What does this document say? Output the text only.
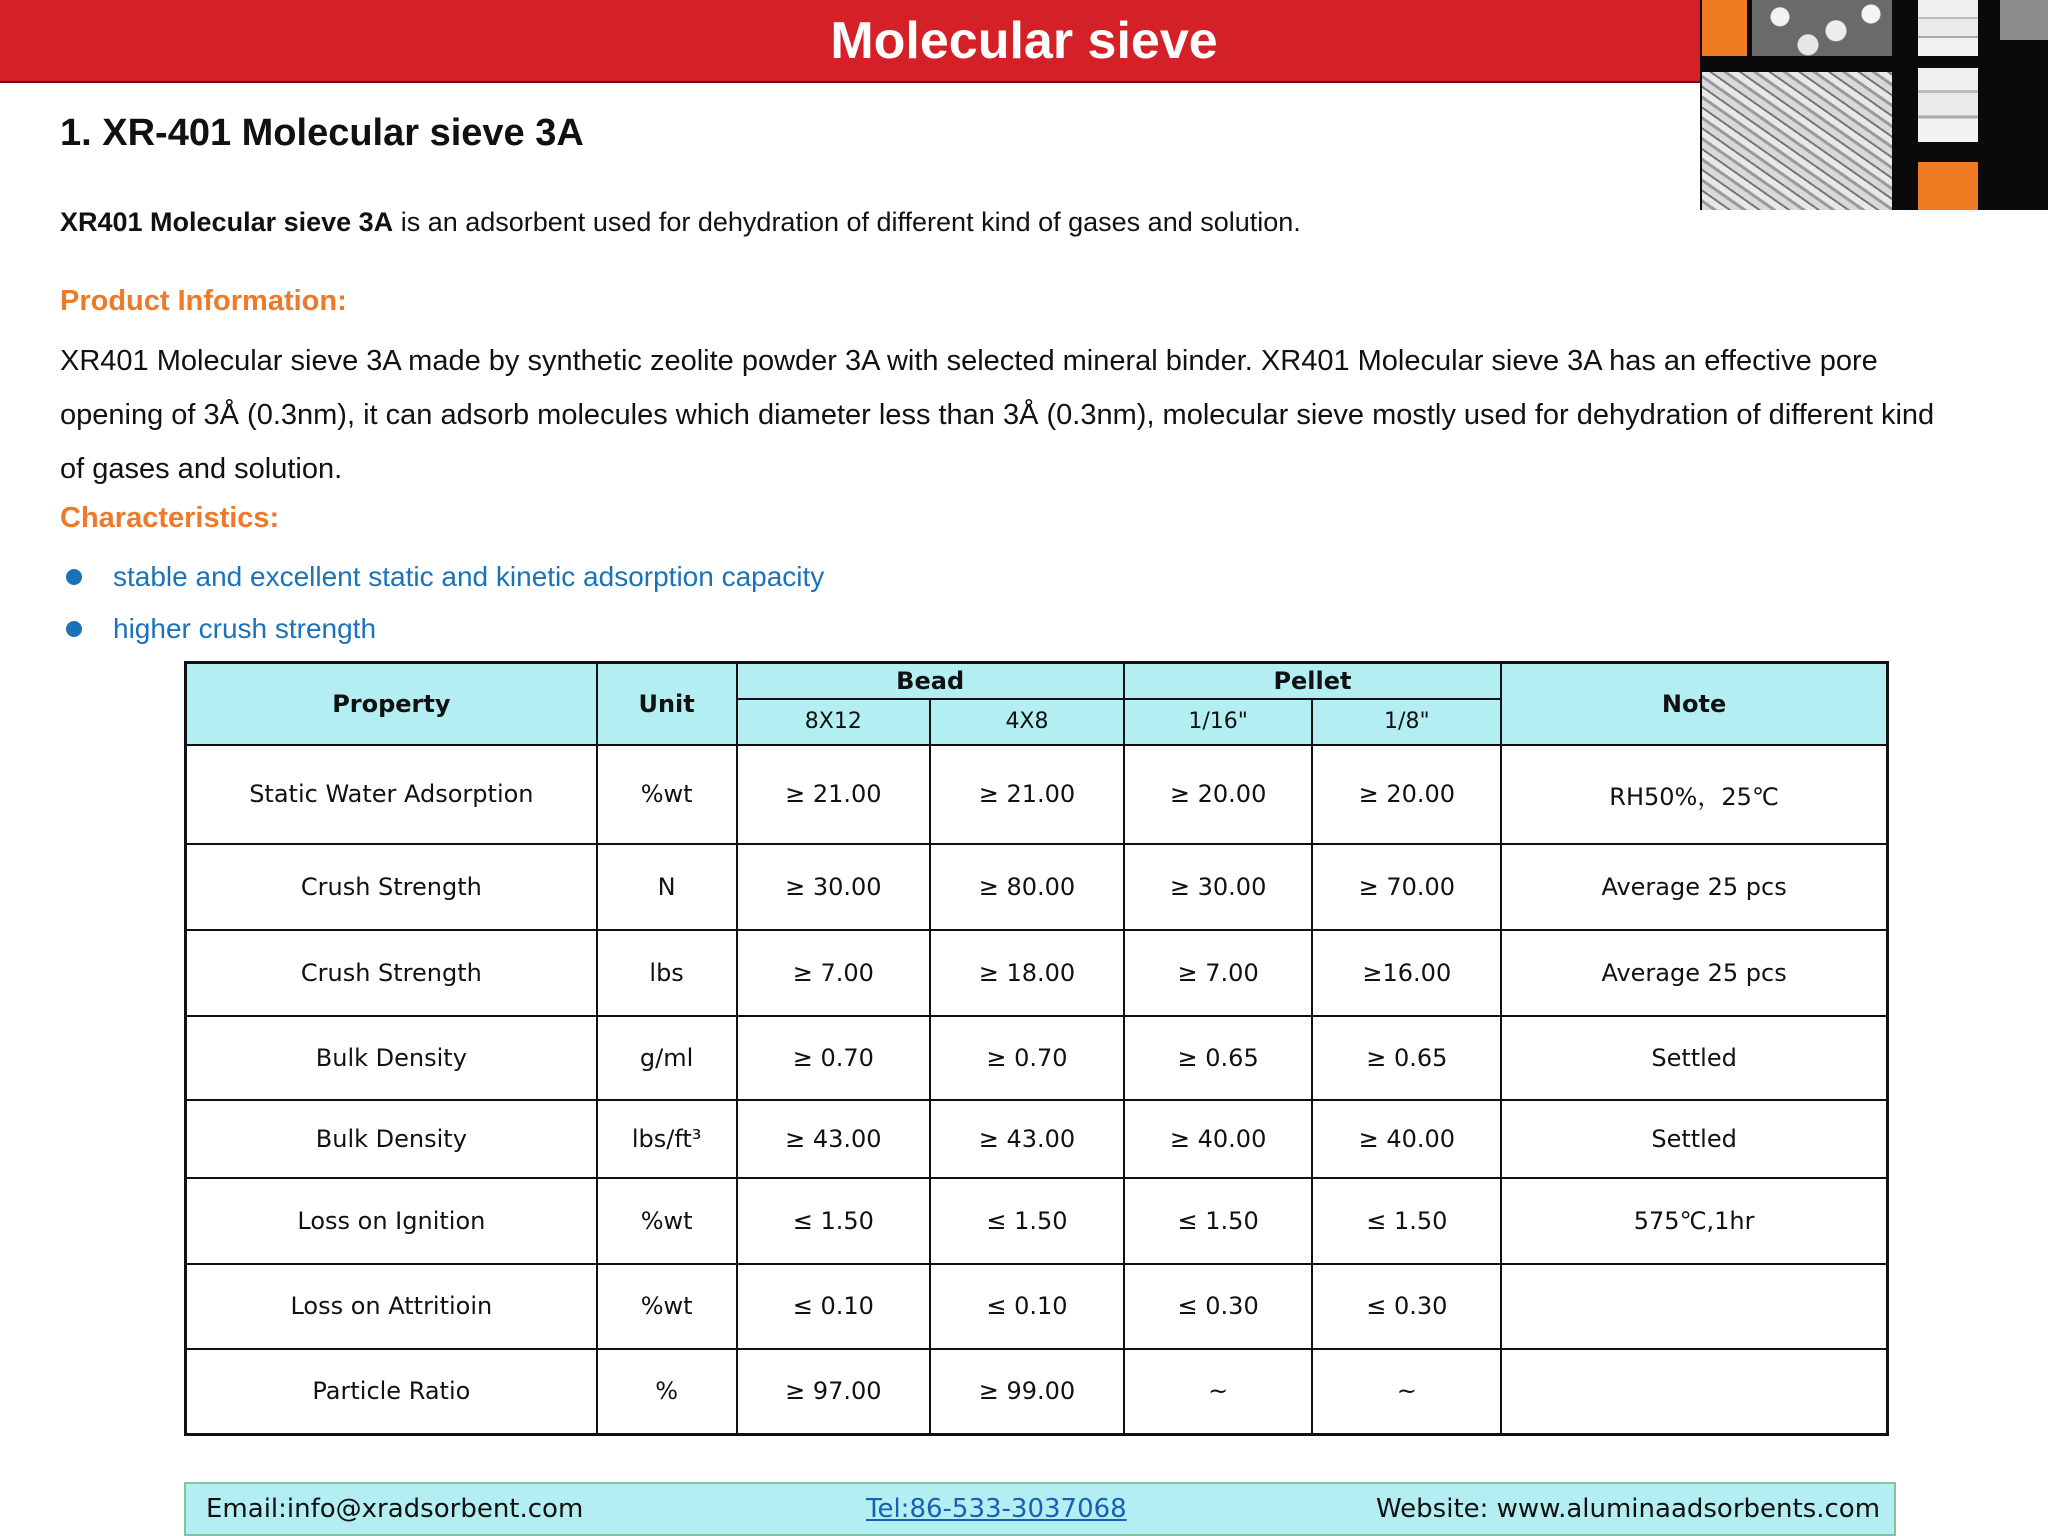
Molecular sieve
1. XR-401 Molecular sieve 3A
XR401 Molecular sieve 3A is an adsorbent used for dehydration of different kind of gases and solution.
Product Information:
XR401 Molecular sieve 3A made by synthetic zeolite powder 3A with selected mineral binder. XR401 Molecular sieve 3A has an effective pore opening of 3Å (0.3nm), it can adsorb molecules which diameter less than 3Å (0.3nm), molecular sieve mostly used for dehydration of different kind of gases and solution.
Characteristics:
stable and excellent static and kinetic adsorption capacity
higher crush strength
Property	Unit	Bead		Pellet		Note
		8X12	4X8	1/16"	1/8"	
Static Water Adsorption	%wt	≥ 21.00	≥ 21.00	≥ 20.00	≥ 20.00	RH50%，25℃
Crush Strength	N	≥ 30.00	≥ 80.00	≥ 30.00	≥ 70.00	Average 25 pcs
Crush Strength	lbs	≥ 7.00	≥ 18.00	≥ 7.00	≥16.00	Average 25 pcs
Bulk Density	g/ml	≥ 0.70	≥ 0.70	≥ 0.65	≥ 0.65	Settled
Bulk Density	lbs/ft³	≥ 43.00	≥ 43.00	≥ 40.00	≥ 40.00	Settled
Loss on Ignition	%wt	≤ 1.50	≤ 1.50	≤ 1.50	≤ 1.50	575℃,1hr
Loss on Attritioin	%wt	≤ 0.10	≤ 0.10	≤ 0.30	≤ 0.30	
Particle Ratio	%	≥ 97.00	≥ 99.00	~	~	
Email:info@xradsorbent.com	Tel:86-533-3037068	Website: www.aluminaadsorbents.com
